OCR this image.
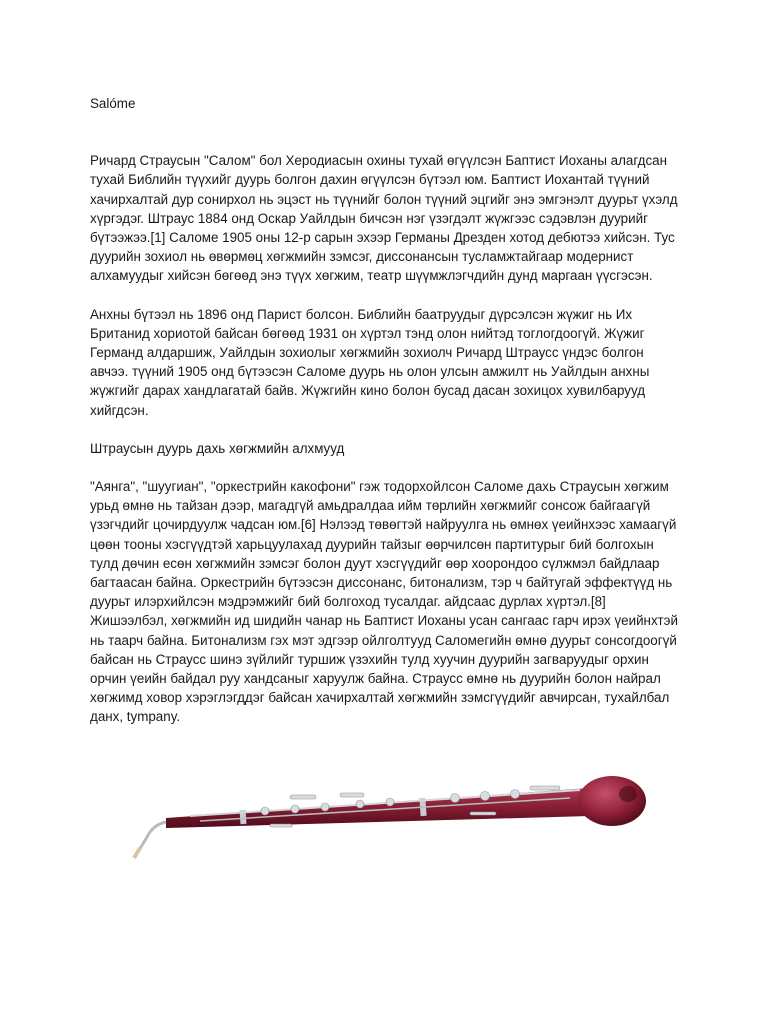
Salóme

Ричард Страусын "Салом" бол Херодиасын охины тухай өгүүлсэн Баптист Иоханы алагдсан тухай Библийн түүхийг дуурь болгон дахин өгүүлсэн бүтээл юм. Баптист Иохантай түүний хачирхалтай дур сонирхол нь эцэст нь түүнийг болон түүний эцгийг энэ эмгэнэлт дуурьт үхэлд хүргэдэг. Штраус 1884 онд Оскар Уайлдын бичсэн нэг үзэгдэлт жүжгээс сэдэвлэн дуурийг бүтээжээ.[1] Саломе 1905 оны 12-р сарын эхээр Германы Дрезден хотод дебютээ хийсэн. Тус дуурийн зохиол нь өвөрмөц хөгжмийн зэмсэг, диссонансын тусламжтайгаар модернист алхамуудыг хийсэн бөгөөд энэ түүх хөгжим, театр шүүмжлэгчдийн дунд маргаан үүсгэсэн.

Анхны бүтээл нь 1896 онд Парист болсон. Библийн баатруудыг дүрсэлсэн жүжиг нь Их Британид хориотой байсан бөгөөд 1931 он хүртэл тэнд олон нийтэд тоглогдоогүй. Жүжиг Германд алдаршиж, Уайлдын зохиолыг хөгжмийн зохиолч Ричард Штраусс үндэс болгон авчээ. түүний 1905 онд бүтээсэн Саломе дуурь нь олон улсын амжилт нь Уайлдын анхны жүжгийг дарах хандлагатай байв. Жүжгийн кино болон бусад дасан зохицох хувилбарууд хийгдсэн.

Штраусын дуурь дахь хөгжмийн алхмууд

"Аянга", "шуугиан", "оркестрийн какофони" гэж тодорхойлсон Саломе дахь Страусын хөгжим урьд өмнө нь тайзан дээр, магадгүй амьдралдаа ийм төрлийн хөгжмийг сонсож байгаагүй үзэгчдийг цочирдуулж чадсан юм.[6] Нэлээд төвөгтэй найруулга нь өмнөх үеийнхээс хамаагүй цөөн тооны хэсгүүдтэй харьцуулахад дуурийн тайзыг өөрчилсөн партитурыг бий болгохын тулд дөчин есөн хөгжмийн зэмсэг болон дуут хэсгүүдийг өөр хоорондоо сүлжмэл байдлаар багтаасан байна. Оркестрийн бүтээсэн диссонанс, битонализм, тэр ч байтугай эффектүүд нь дуурьт илэрхийлсэн мэдрэмжийг бий болгоход тусалдаг. айдсаас дурлах хүртэл.[8] Жишээлбэл, хөгжмийн ид шидийн чанар нь Баптист Иоханы усан сангаас гарч ирэх үеийнхтэй нь таарч байна. Битонализм гэх мэт эдгээр ойлголтууд Саломегийн өмнө дуурьт сонсогдоогүй байсан нь Страусс шинэ зүйлийг туршиж үзэхийн тулд хуучин дуурийн загваруудыг орхин орчин үеийн байдал руу хандсаныг харуулж байна. Страусс өмнө нь дуурийн болон найрал хөгжимд ховор хэрэглэгддэг байсан хачирхалтай хөгжмийн зэмсгүүдийг авчирсан, тухайлбал данх, tympany.
